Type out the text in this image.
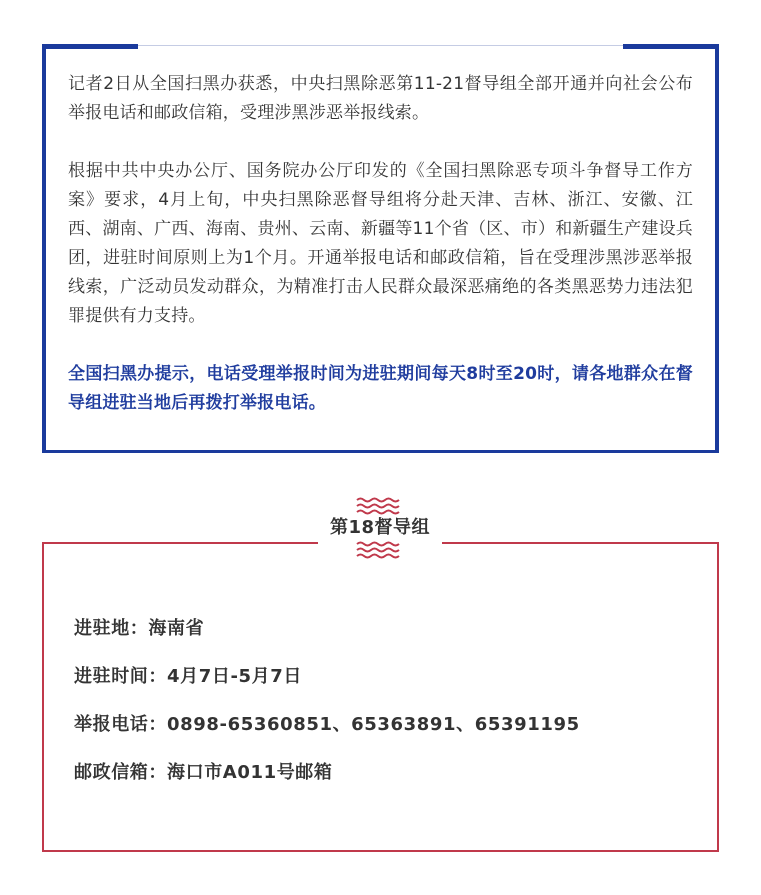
记者2日从全国扫黑办获悉，中央扫黑除恶第11-21督导组全部开通并向社会公布举报电话和邮政信箱，受理涉黑涉恶举报线索。

根据中共中央办公厅、国务院办公厅印发的《全国扫黑除恶专项斗争督导工作方案》要求，4月上旬，中央扫黑除恶督导组将分赴天津、吉林、浙江、安徽、江西、湖南、广西、海南、贵州、云南、新疆等11个省（区、市）和新疆生产建设兵团，进驻时间原则上为1个月。开通举报电话和邮政信箱，旨在受理涉黑涉恶举报线索，广泛动员发动群众，为精准打击人民群众最深恶痛绝的各类黑恶势力违法犯罪提供有力支持。

全国扫黑办提示，电话受理举报时间为进驻期间每天8时至20时，请各地群众在督导组进驻当地后再拨打举报电话。

第18督导组
进驻地：海南省
进驻时间：4月7日-5月7日
举报电话：0898-65360851、65363891、65391195
邮政信箱：海口市A011号邮箱
